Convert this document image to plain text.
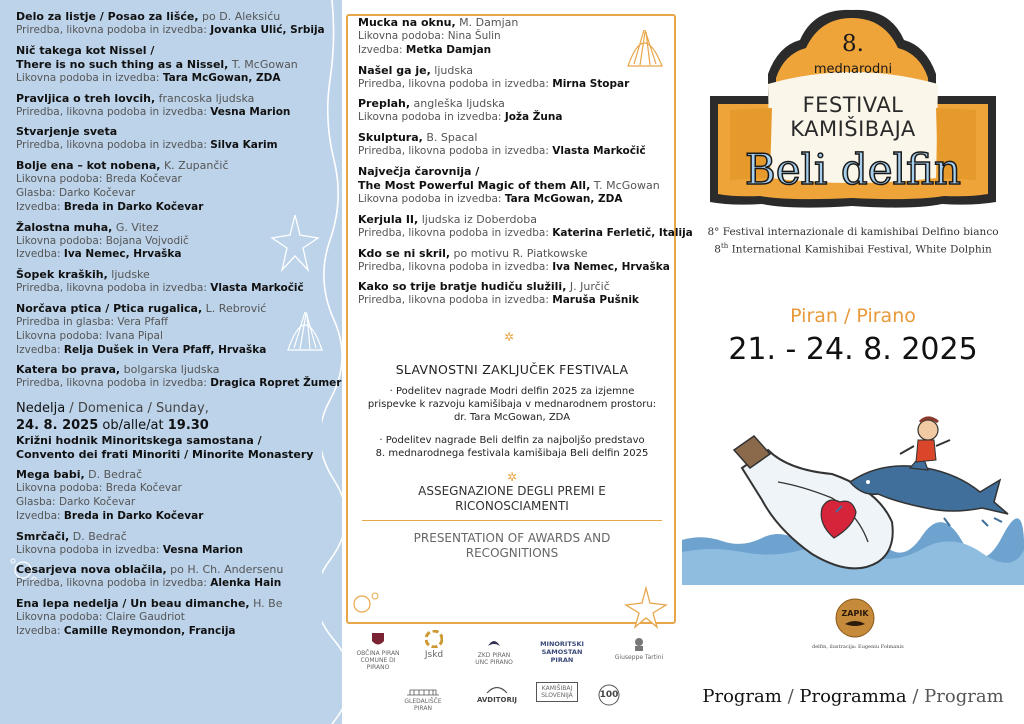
Delo za listje / Posao za lišće, po D. Aleksiću
Priredba, likovna podoba in izvedba: Jovanka Ulić, Srbija
Nič takega kot Nissel /
There is no such thing as a Nissel, T. McGowan
Likovna podoba in izvedba: Tara McGowan, ZDA
Pravljica o treh lovcih, francoska ljudska
Priredba, likovna podoba in izvedba: Vesna Marion
Stvarjenje sveta
Priredba, likovna podoba in izvedba: Silva Karim
Bolje ena – kot nobena, K. Zupančič
Likovna podoba: Breda Kočevar
Glasba: Darko Kočevar
Izvedba: Breda in Darko Kočevar
Žalostna muha, G. Vitez
Likovna podoba: Bojana Vojvodič
Izvedba: Iva Nemec, Hrvaška
Šopek kraških, ljudske
Priredba, likovna podoba in izvedba: Vlasta Markočič
Norčava ptica / Ptica rugalica, L. Rebrović
Priredba in glasba: Vera Pfaff
Likovna podoba: Ivana Pipal
Izvedba: Relja Dušek in Vera Pfaff, Hrvaška
Katera bo prava, bolgarska ljudska
Priredba, likovna podoba in izvedba: Dragica Ropret Žumer
Nedelja / Domenica / Sunday,
24. 8. 2025 ob/alle/at 19.30
Križni hodnik Minoritskega samostana /
Convento dei frati Minoriti / Minorite Monastery
Mega babi, D. Bedrač
Likovna podoba: Breda Kočevar
Glasba: Darko Kočevar
Izvedba: Breda in Darko Kočevar
Smrčači, D. Bedrač
Likovna podoba in izvedba: Vesna Marion
Cesarjeva nova oblačila, po H. Ch. Andersenu
Priredba, likovna podoba in izvedba: Alenka Hain
Ena lepa nedelja / Un beau dimanche, H. Be
Likovna podoba: Claire Gaudriot
Izvedba: Camille Reymondon, Francija
Mucka na oknu, M. Damjan
Likovna podoba: Nina Šulin
Izvedba: Metka Damjan
Našel ga je, ljudska
Priredba, likovna podoba in izvedba: Mirna Stopar
Preplah, angleška ljudska
Likovna podoba in izvedba: Joža Žuna
Skulptura, B. Spacal
Priredba, likovna podoba in izvedba: Vlasta Markočič
Največja čarovnija /
The Most Powerful Magic of them All, T. McGowan
Likovna podoba in izvedba: Tara McGowan, ZDA
Kerjula II, ljudska iz Doberdoba
Priredba, likovna podoba in izvedba: Katerina Ferletič, Italija
Kdo se ni skril, po motivu R. Piatkowske
Priredba, likovna podoba in izvedba: Iva Nemec, Hrvaška
Kako so trije bratje hudiču služili, J. Jurčič
Priredba, likovna podoba in izvedba: Maruša Pušnik
✲
SLAVNOSTNI ZAKLJUČEK FESTIVALA
· Podelitev nagrade Modri delfin 2025 za izjemne
prispevke k razvoju kamišibaja v mednarodnem prostoru:
dr. Tara McGowan, ZDA
· Podelitev nagrade Beli delfin za najboljšo predstavo
8. mednarodnega festivala kamišibaja Beli delfin 2025
✲
ASSEGNAZIONE DEGLI PREMI E
RICONOSCIAMENTI
PRESENTATION OF AWARDS AND
RECOGNITIONS
OBČINA PIRAN
COMUNE DI PIRANO
Jskd	ZKD PIRAN
UNC PIRANO
MINORITSKI
SAMOSTAN
PIRAN	Giuseppe Tartini
GLEDALIŠČE PIRAN
AVDITORIJ
KAMIŠIBAJ
SLOVENIJA	100
8.
mednarodni
FESTIVAL
KAMIŠIBAJA
Beli delfin
8° Festival internazionale di kamishibai Delfino bianco
8th International Kamishibai Festival, White Dolphin
Piran / Pirano
21. - 24. 8. 2025
ZAPIK
delfin, ilustracija: Eugeniu Folmanis
Program / Programma / Program
